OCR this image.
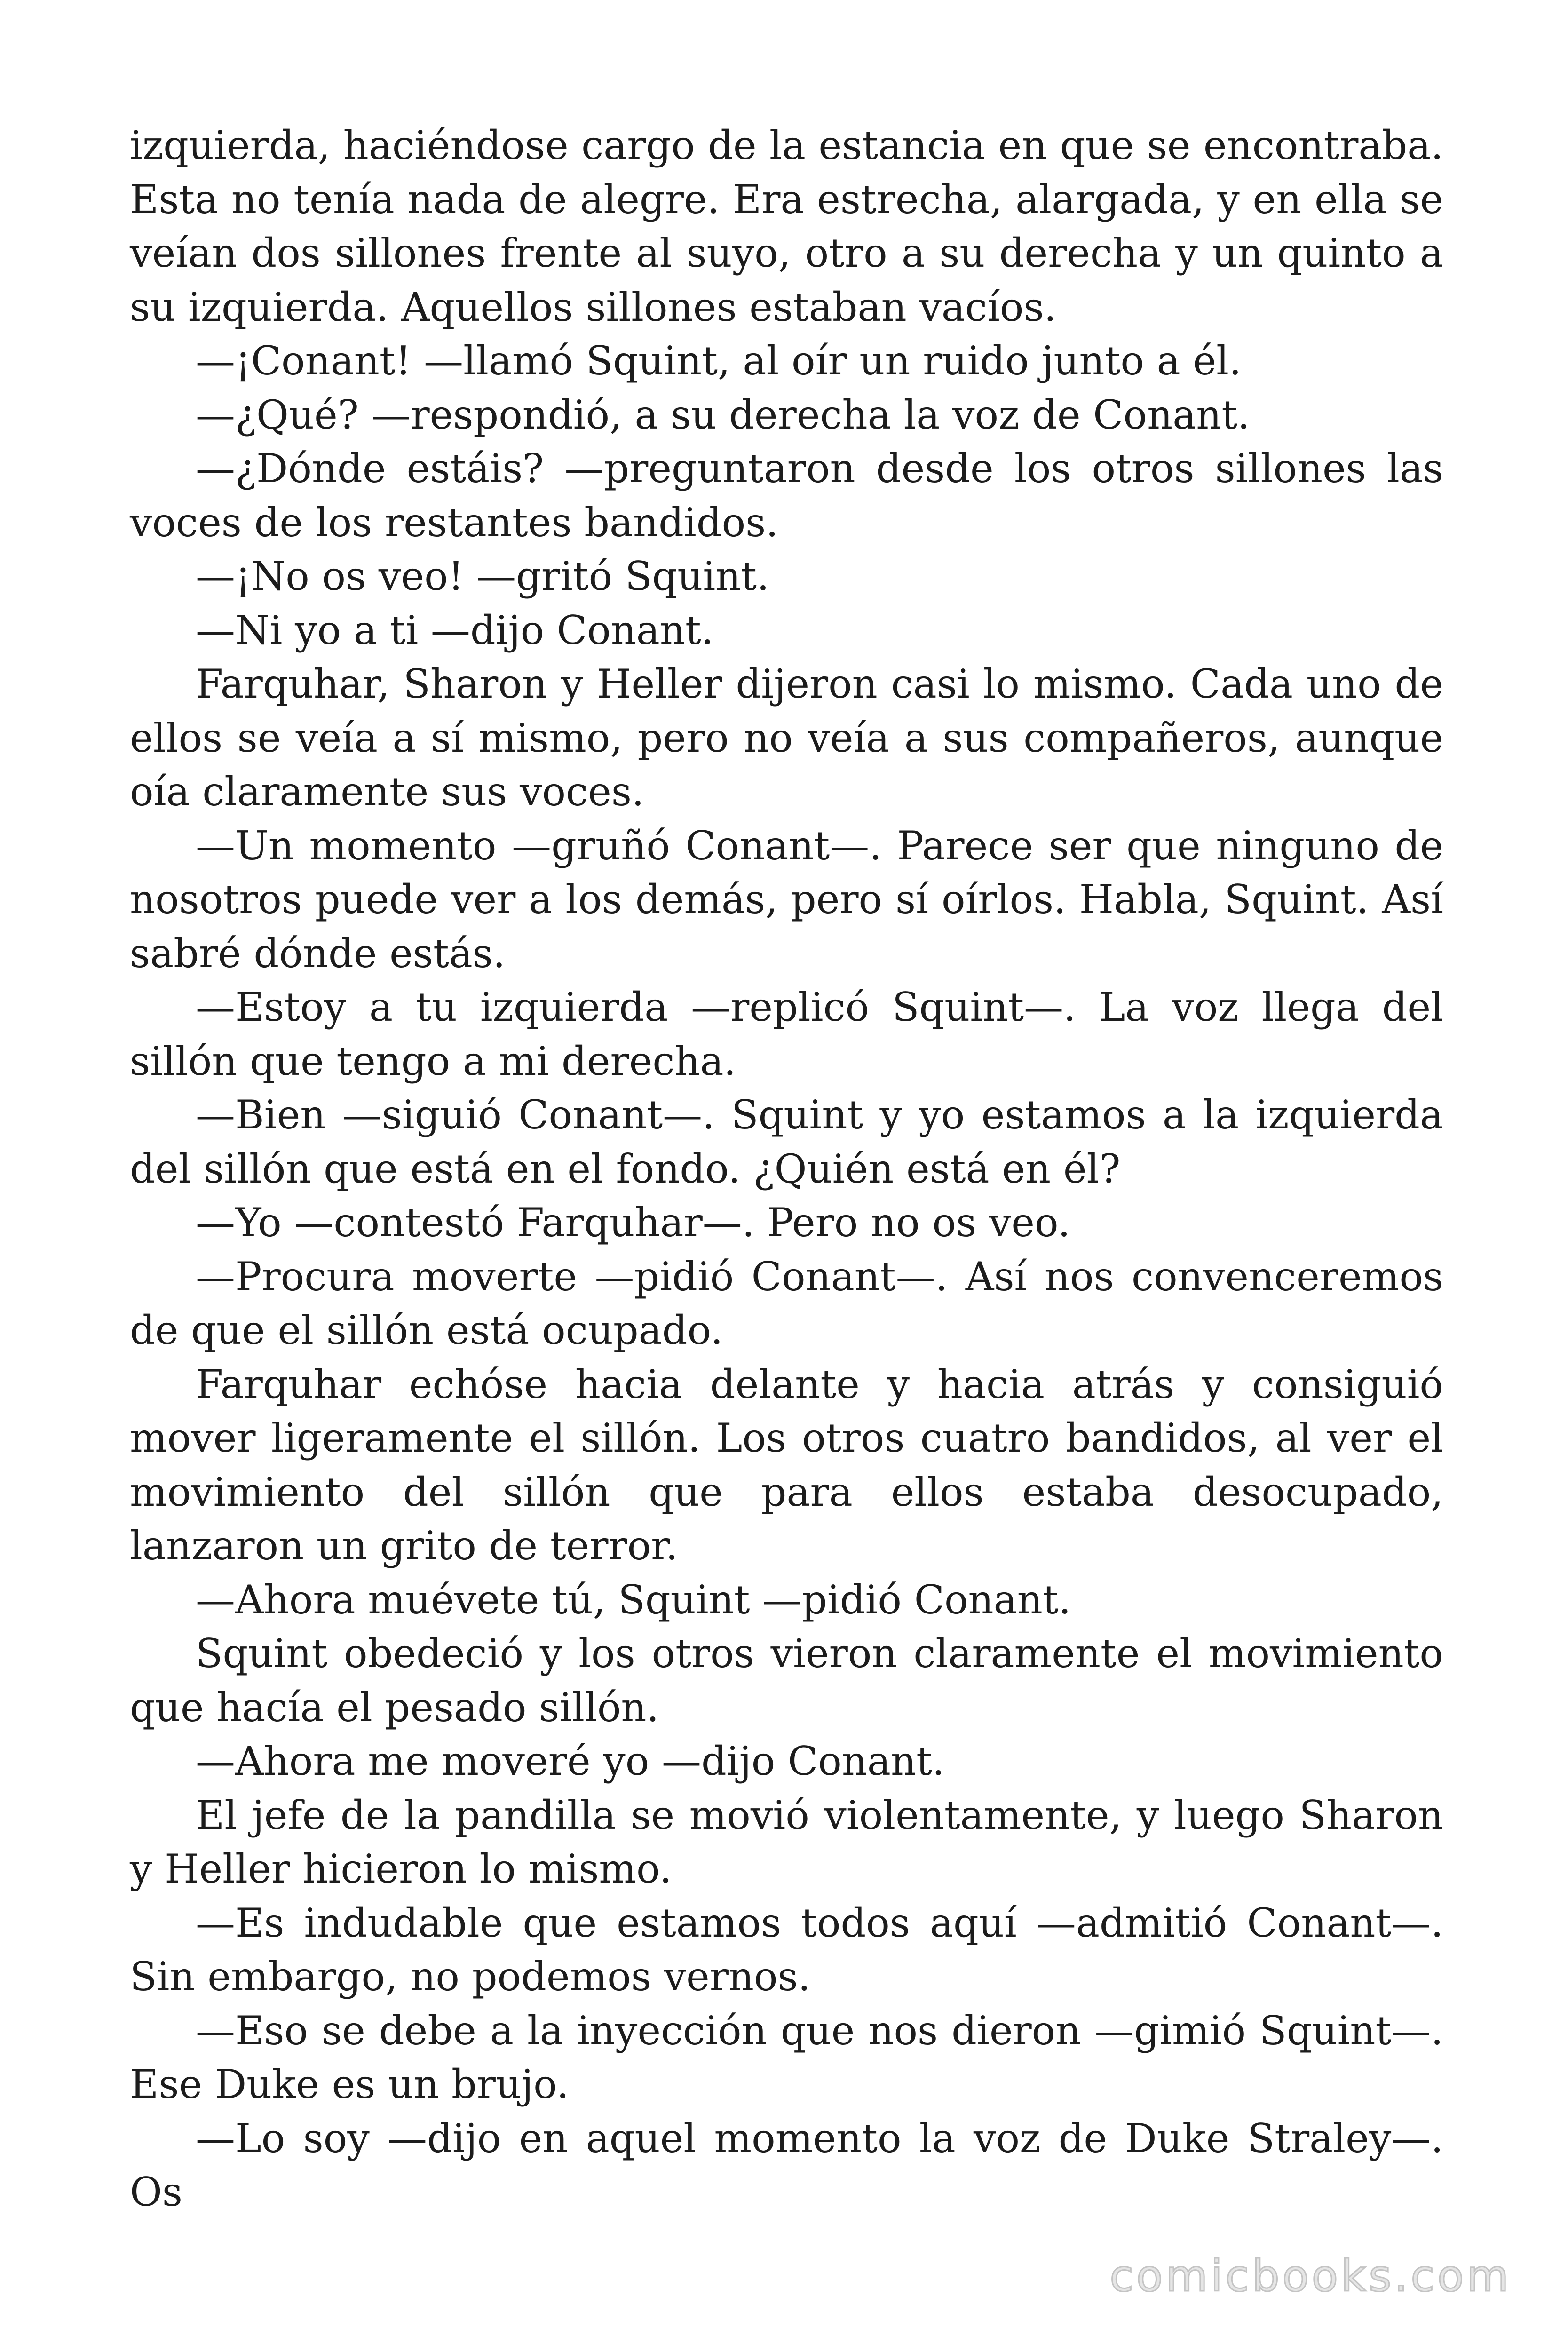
izquierda, haciéndose cargo de la estancia en que se encontraba. Esta no tenía nada de alegre. Era estrecha, alargada, y en ella se veían dos sillones frente al suyo, otro a su derecha y un quinto a su izquierda. Aquellos sillones estaban vacíos.

—¡Conant! —llamó Squint, al oír un ruido junto a él.

—¿Qué? —respondió, a su derecha la voz de Conant.

—¿Dónde estáis? —preguntaron desde los otros sillones las voces de los restantes bandidos.

—¡No os veo! —gritó Squint.

—Ni yo a ti —dijo Conant.

Farquhar, Sharon y Heller dijeron casi lo mismo. Cada uno de ellos se veía a sí mismo, pero no veía a sus compañeros, aunque oía claramente sus voces.

—Un momento —gruñó Conant—. Parece ser que ninguno de nosotros puede ver a los demás, pero sí oírlos. Habla, Squint. Así sabré dónde estás.

—Estoy a tu izquierda —replicó Squint—. La voz llega del sillón que tengo a mi derecha.

—Bien —siguió Conant—. Squint y yo estamos a la izquierda del sillón que está en el fondo. ¿Quién está en él?

—Yo —contestó Farquhar—. Pero no os veo.

—Procura moverte —pidió Conant—. Así nos convenceremos de que el sillón está ocupado.

Farquhar echóse hacia delante y hacia atrás y consiguió mover ligeramente el sillón. Los otros cuatro bandidos, al ver el movimiento del sillón que para ellos estaba desocupado, lanzaron un grito de terror.

—Ahora muévete tú, Squint —pidió Conant.

Squint obedeció y los otros vieron claramente el movimiento que hacía el pesado sillón.

—Ahora me moveré yo —dijo Conant.

El jefe de la pandilla se movió violentamente, y luego Sharon y Heller hicieron lo mismo.

—Es indudable que estamos todos aquí —admitió Conant—. Sin embargo, no podemos vernos.

—Eso se debe a la inyección que nos dieron —gimió Squint—. Ese Duke es un brujo.

—Lo soy —dijo en aquel momento la voz de Duke Straley—. Os

comicbooks.com
